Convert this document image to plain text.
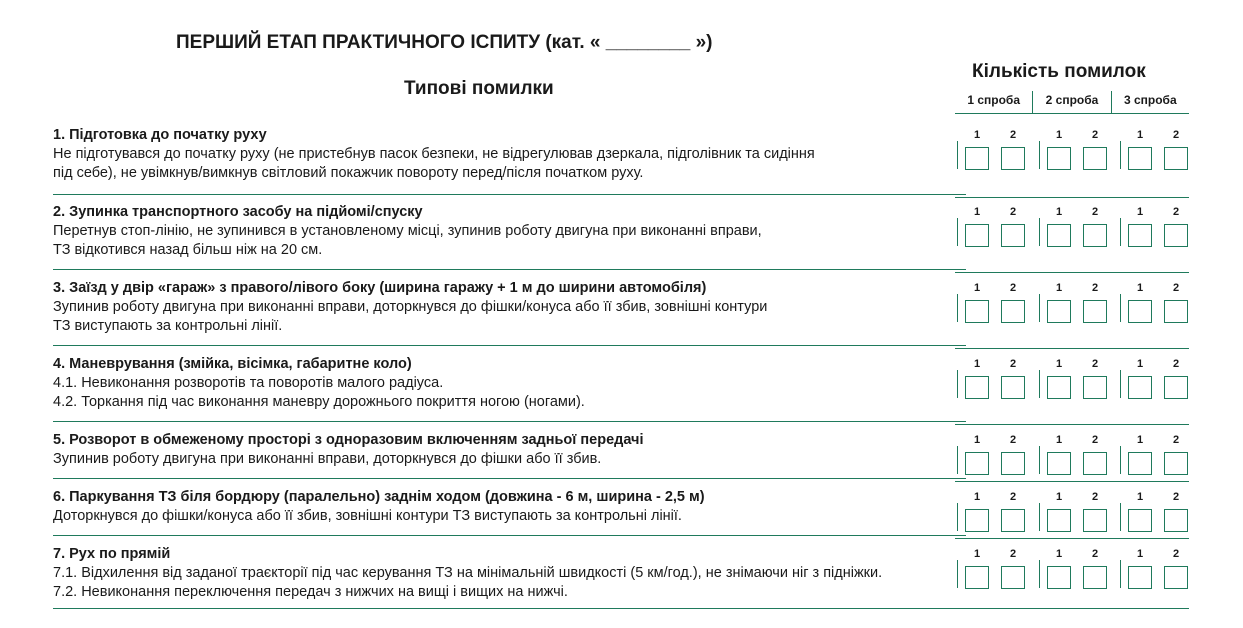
ПЕРШИЙ ЕТАП ПРАКТИЧНОГО ІСПИТУ (кат. « ________ »)
Типові помилки
Кількість помилок
1 спроба	2 спроба	3 спроба
1. Підготовка до початку руху
Не підготувався до початку руху (не пристебнув пасок безпеки, не відрегулював дзеркала, підголівник та сидіння
під себе), не увімкнув/вимкнув світловий покажчик повороту перед/після початком руху.
1	2	1	2	1	2
2. Зупинка транспортного засобу на підйомі/спуску
Перетнув стоп-лінію, не зупинився в установленому місці, зупинив роботу двигуна при виконанні вправи,
ТЗ відкотився назад більш ніж на 20 см.
1	2	1	2	1	2
3. Заїзд у двір «гараж» з правого/лівого боку (ширина гаражу + 1 м до ширини автомобіля)
Зупинив роботу двигуна при виконанні вправи, доторкнувся до фішки/конуса або її збив, зовнішні контури
ТЗ виступають за контрольні лінії.
1	2	1	2	1	2
4. Маневрування (змійка, вісімка, габаритне коло)
4.1. Невиконання розворотів та поворотів малого радіуса.
4.2. Торкання під час виконання маневру дорожнього покриття ногою (ногами).
1	2	1	2	1	2
5. Розворот в обмеженому просторі з одноразовим включенням задньої передачі
Зупинив роботу двигуна при виконанні вправи, доторкнувся до фішки або її збив.
1	2	1	2	1	2
6. Паркування ТЗ біля бордюру (паралельно) заднім ходом (довжина - 6 м, ширина - 2,5 м)
Доторкнувся до фішки/конуса або її збив, зовнішні контури ТЗ виступають за контрольні лінії.
1	2	1	2	1	2
7. Рух по прямій
7.1. Відхилення від заданої траєкторії під час керування ТЗ на мінімальній швидкості (5 км/год.), не знімаючи ніг з підніжки.
7.2. Невиконання переключення передач з нижчих на вищі і вищих на нижчі.
1	2	1	2	1	2
